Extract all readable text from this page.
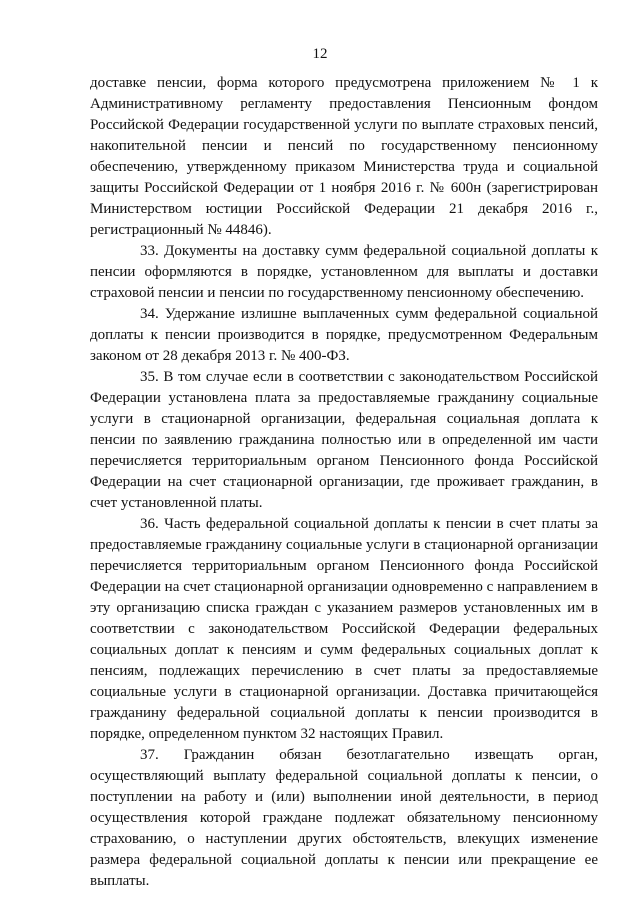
12

доставке пенсии, форма которого предусмотрена приложением № 1 к Административному регламенту предоставления Пенсионным фондом Российской Федерации государственной услуги по выплате страховых пенсий, накопительной пенсии и пенсий по государственному пенсионному обеспечению, утвержденному приказом Министерства труда и социальной защиты Российской Федерации от 1 ноября 2016 г. № 600н (зарегистрирован Министерством юстиции Российской Федерации 21 декабря 2016 г., регистрационный № 44846).

33. Документы на доставку сумм федеральной социальной доплаты к пенсии оформляются в порядке, установленном для выплаты и доставки страховой пенсии и пенсии по государственному пенсионному обеспечению.

34. Удержание излишне выплаченных сумм федеральной социальной доплаты к пенсии производится в порядке, предусмотренном Федеральным законом от 28 декабря 2013 г. № 400-ФЗ.

35. В том случае если в соответствии с законодательством Российской Федерации установлена плата за предоставляемые гражданину социальные услуги в стационарной организации, федеральная социальная доплата к пенсии по заявлению гражданина полностью или в определенной им части перечисляется территориальным органом Пенсионного фонда Российской Федерации на счет стационарной организации, где проживает гражданин, в счет установленной платы.

36. Часть федеральной социальной доплаты к пенсии в счет платы за предоставляемые гражданину социальные услуги в стационарной организации перечисляется территориальным органом Пенсионного фонда Российской Федерации на счет стационарной организации одновременно с направлением в эту организацию списка граждан с указанием размеров установленных им в соответствии с законодательством Российской Федерации федеральных социальных доплат к пенсиям и сумм федеральных социальных доплат к пенсиям, подлежащих перечислению в счет платы за предоставляемые социальные услуги в стационарной организации. Доставка причитающейся гражданину федеральной социальной доплаты к пенсии производится в порядке, определенном пунктом 32 настоящих Правил.

37. Гражданин обязан безотлагательно извещать орган, осуществляющий выплату федеральной социальной доплаты к пенсии, о поступлении на работу и (или) выполнении иной деятельности, в период осуществления которой граждане подлежат обязательному пенсионному страхованию, о наступлении других обстоятельств, влекущих изменение размера федеральной социальной доплаты к пенсии или прекращение ее выплаты.
